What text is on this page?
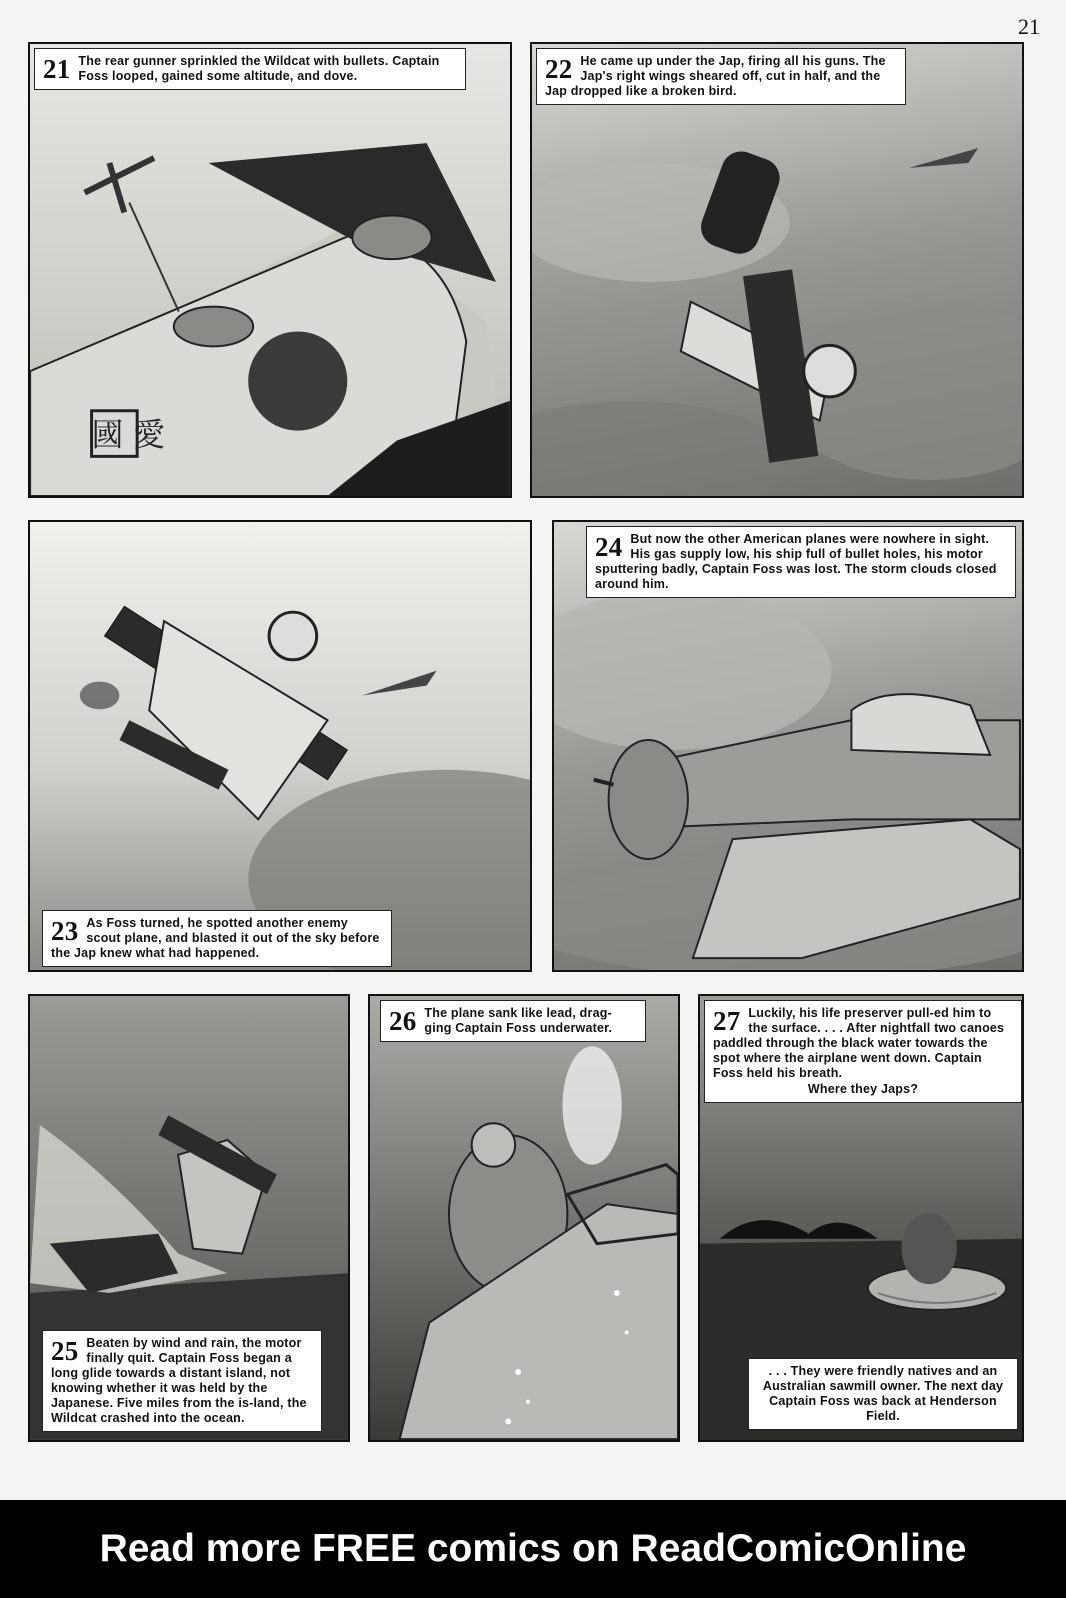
21
國 愛
21 The rear gunner sprinkled the Wildcat with bullets. Captain Foss looped, gained some altitude, and dove.	22 He came up under the Jap, firing all his guns. The Jap's right wings sheared off, cut in half, and the Jap dropped like a broken bird.
23 As Foss turned, he spotted another enemy scout plane, and blasted it out of the sky before the Jap knew what had happened.
24 But now the other American planes were nowhere in sight. His gas supply low, his ship full of bullet holes, his motor sputtering badly, Captain Foss was lost. The storm clouds closed around him.
25 Beaten by wind and rain, the motor finally quit. Captain Foss began a long glide towards a distant island, not knowing whether it was held by the Japanese. Five miles from the is-land, the Wildcat crashed into the ocean.
26 The plane sank like lead, drag-ging Captain Foss underwater.	27 Luckily, his life preserver pull-ed him to the surface. . . . After nightfall two canoes paddled through the black water towards the spot where the airplane went down. Captain Foss held his breath.
Where they Japs?
. . . They were friendly natives and an Australian sawmill owner. The next day Captain Foss was back at Henderson Field.
Read more FREE comics on ReadComicOnline
